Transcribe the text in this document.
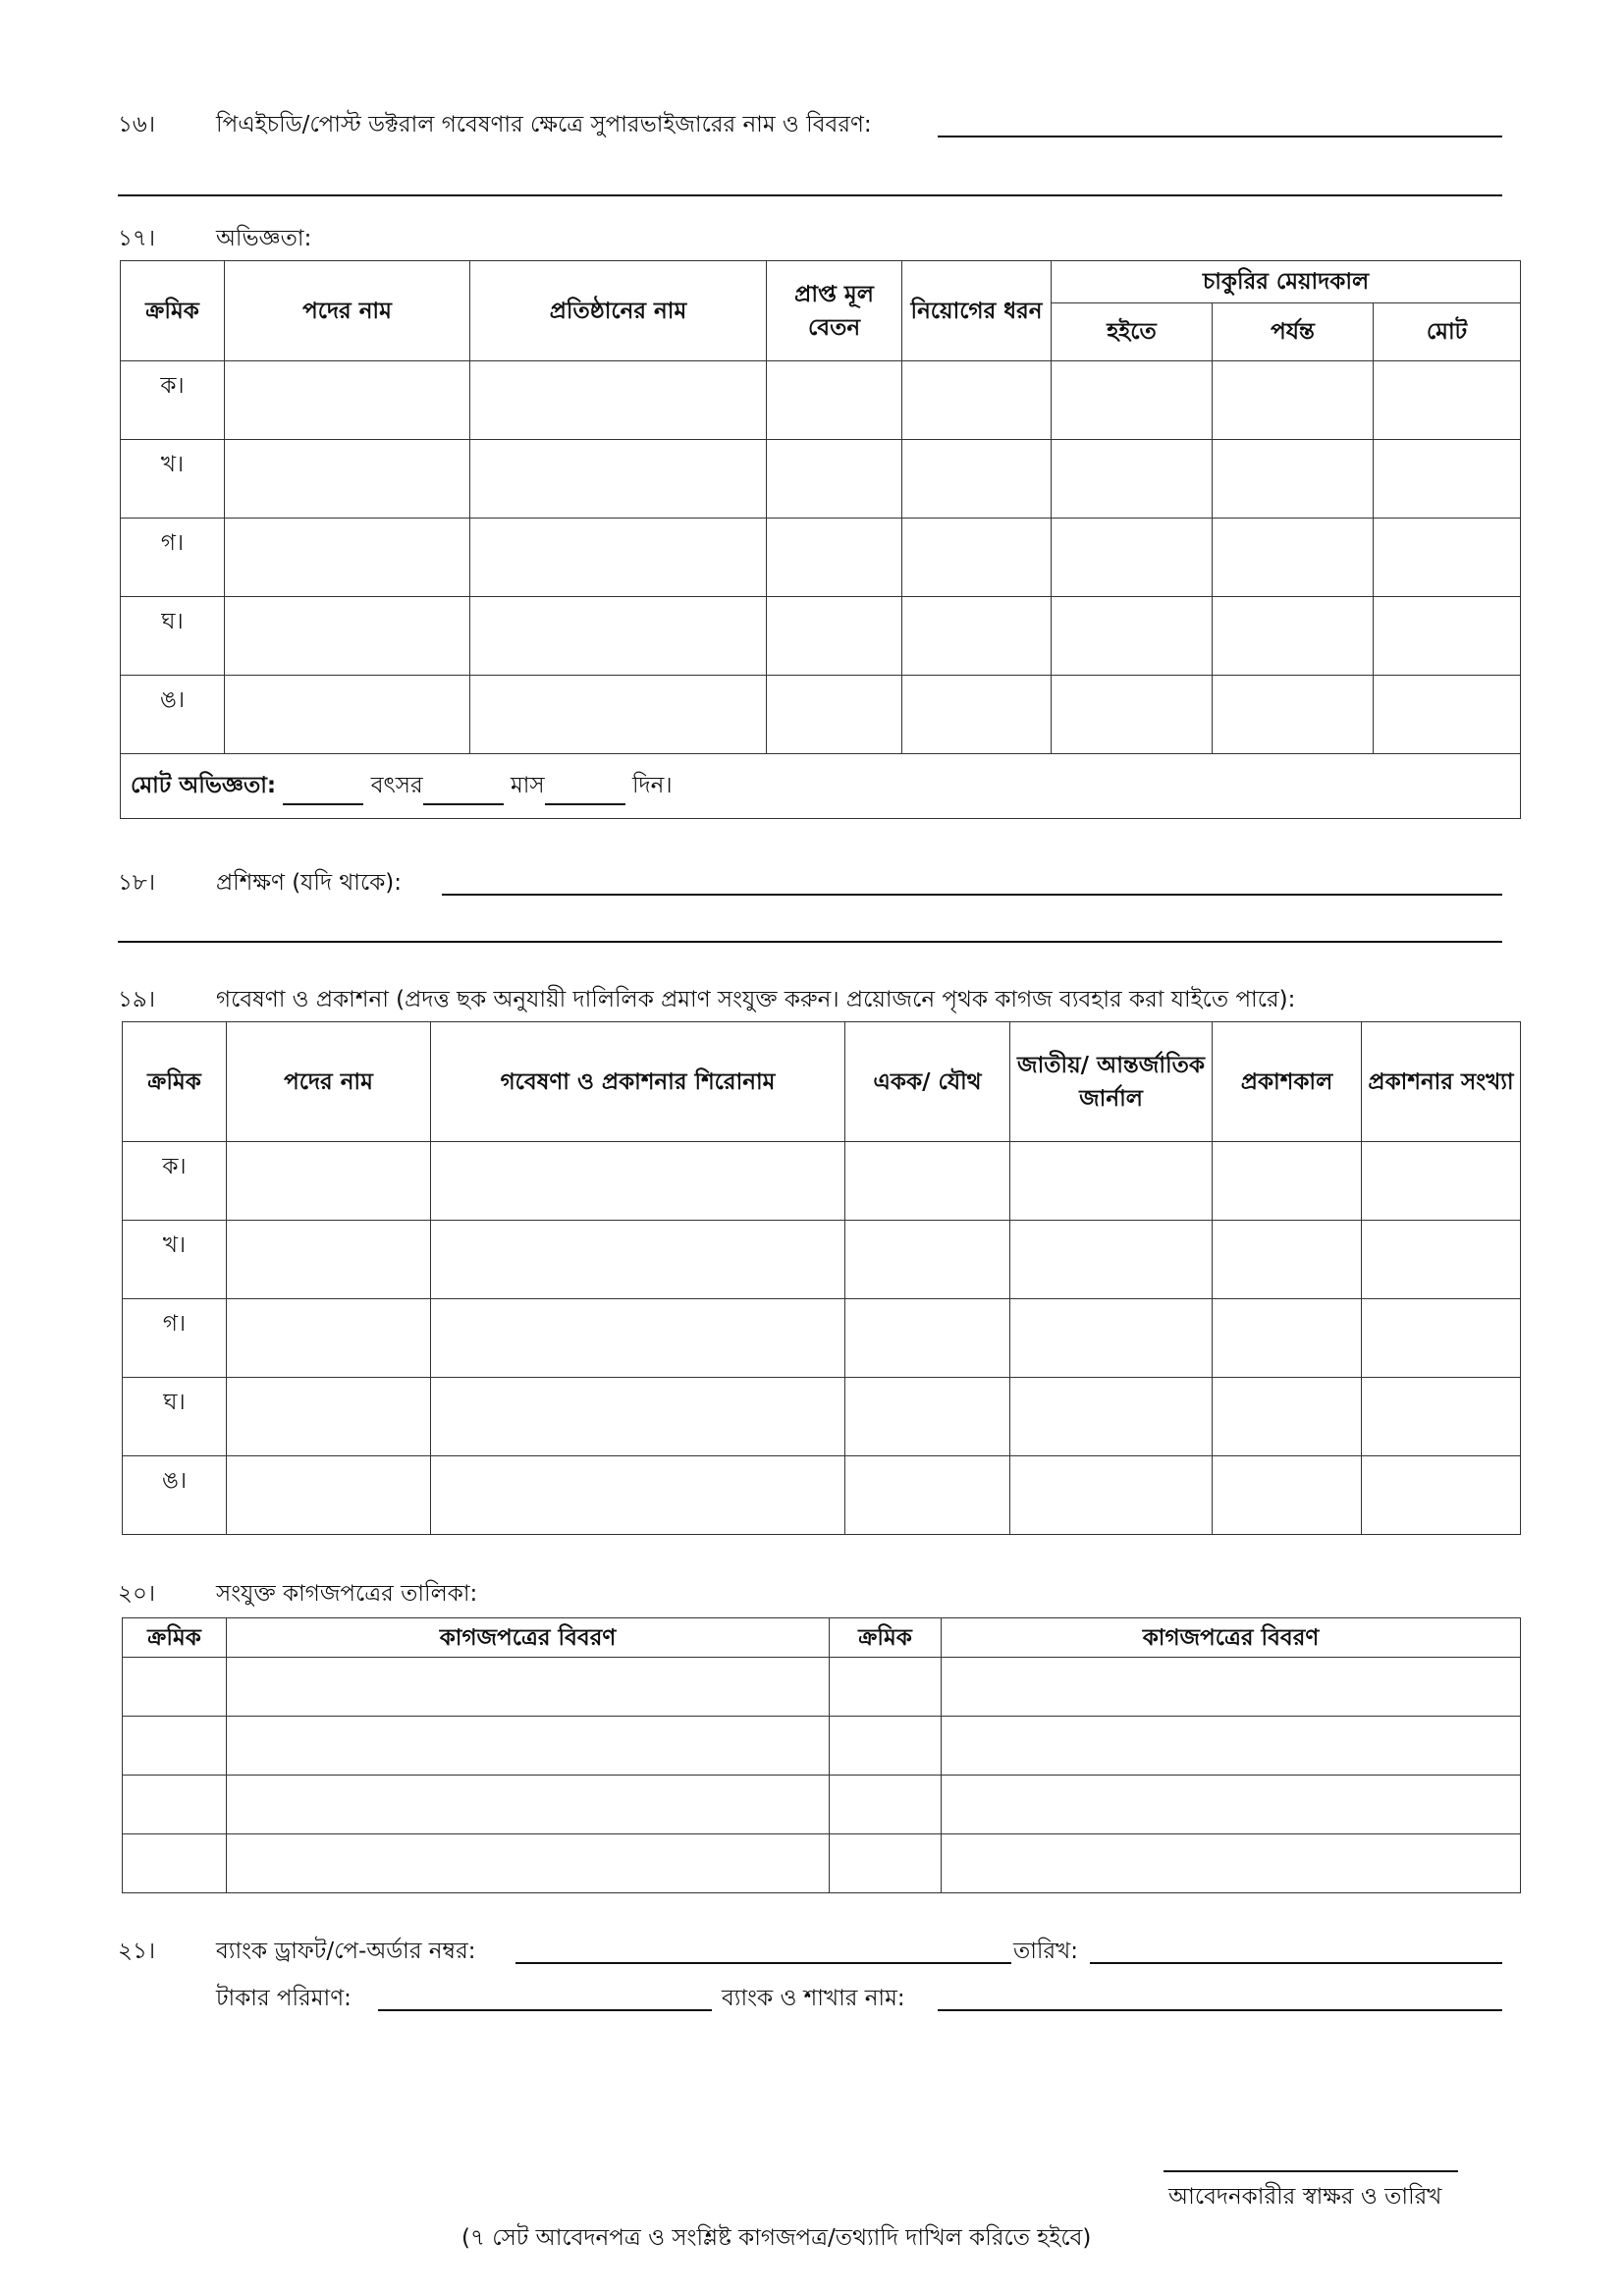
১৬।	পিএইচডি/পোস্ট ডক্টরাল গবেষণার ক্ষেত্রে সুপারভাইজারের নাম ও বিবরণ:
১৭।	অভিজ্ঞতা:
ক্রমিক	পদের নাম	প্রতিষ্ঠানের নাম	প্রাপ্ত মূল বেতন	নিয়োগের ধরন	চাকুরির মেয়াদকাল		
					হইতে	পর্যন্ত	মোট
ক।							
খ।							
গ।							
ঘ।							
ঙ।							
মোট অভিজ্ঞতা: বৎসর মাস দিন।							
১৮।	প্রশিক্ষণ (যদি থাকে):
১৯।	গবেষণা ও প্রকাশনা (প্রদত্ত ছক অনুযায়ী দালিলিক প্রমাণ সংযুক্ত করুন। প্রয়োজনে পৃথক কাগজ ব্যবহার করা যাইতে পারে):
ক্রমিক	পদের নাম	গবেষণা ও প্রকাশনার শিরোনাম	একক/ যৌথ	জাতীয়/ আন্তর্জাতিক জার্নাল	প্রকাশকাল	প্রকাশনার সংখ্যা
ক।						
খ।						
গ।						
ঘ।						
ঙ।						
২০।	সংযুক্ত কাগজপত্রের তালিকা:
ক্রমিক	কাগজপত্রের বিবরণ	ক্রমিক	কাগজপত্রের বিবরণ

২১।	ব্যাংক ড্রাফট/পে-অর্ডার নম্বর:	তারিখ:
টাকার পরিমাণ:	ব্যাংক ও শাখার নাম:
আবেদনকারীর স্বাক্ষর ও তারিখ
(৭ সেট আবেদনপত্র ও সংশ্লিষ্ট কাগজপত্র/তথ্যাদি দাখিল করিতে হইবে)
